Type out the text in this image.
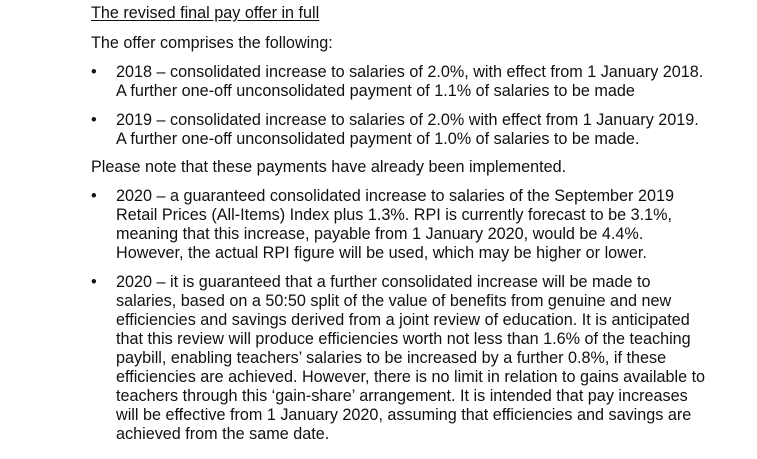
The revised final pay offer in full
The offer comprises the following:
•	2018 – consolidated increase to salaries of 2.0%, with effect from 1 January 2018.
A further one-off unconsolidated payment of 1.1% of salaries to be made
•	2019 – consolidated increase to salaries of 2.0% with effect from 1 January 2019.
A further one-off unconsolidated payment of 1.0% of salaries to be made.
Please note that these payments have already been implemented.
•	2020 – a guaranteed consolidated increase to salaries of the September 2019
Retail Prices (All-Items) Index plus 1.3%. RPI is currently forecast to be 3.1%,
meaning that this increase, payable from 1 January 2020, would be 4.4%.
However, the actual RPI figure will be used, which may be higher or lower.
•	2020 – it is guaranteed that a further consolidated increase will be made to
salaries, based on a 50:50 split of the value of benefits from genuine and new
efficiencies and savings derived from a joint review of education. It is anticipated
that this review will produce efficiencies worth not less than 1.6% of the teaching
paybill, enabling teachers’ salaries to be increased by a further 0.8%, if these
efficiencies are achieved. However, there is no limit in relation to gains available to
teachers through this ‘gain-share’ arrangement. It is intended that pay increases
will be effective from 1 January 2020, assuming that efficiencies and savings are
achieved from the same date.
